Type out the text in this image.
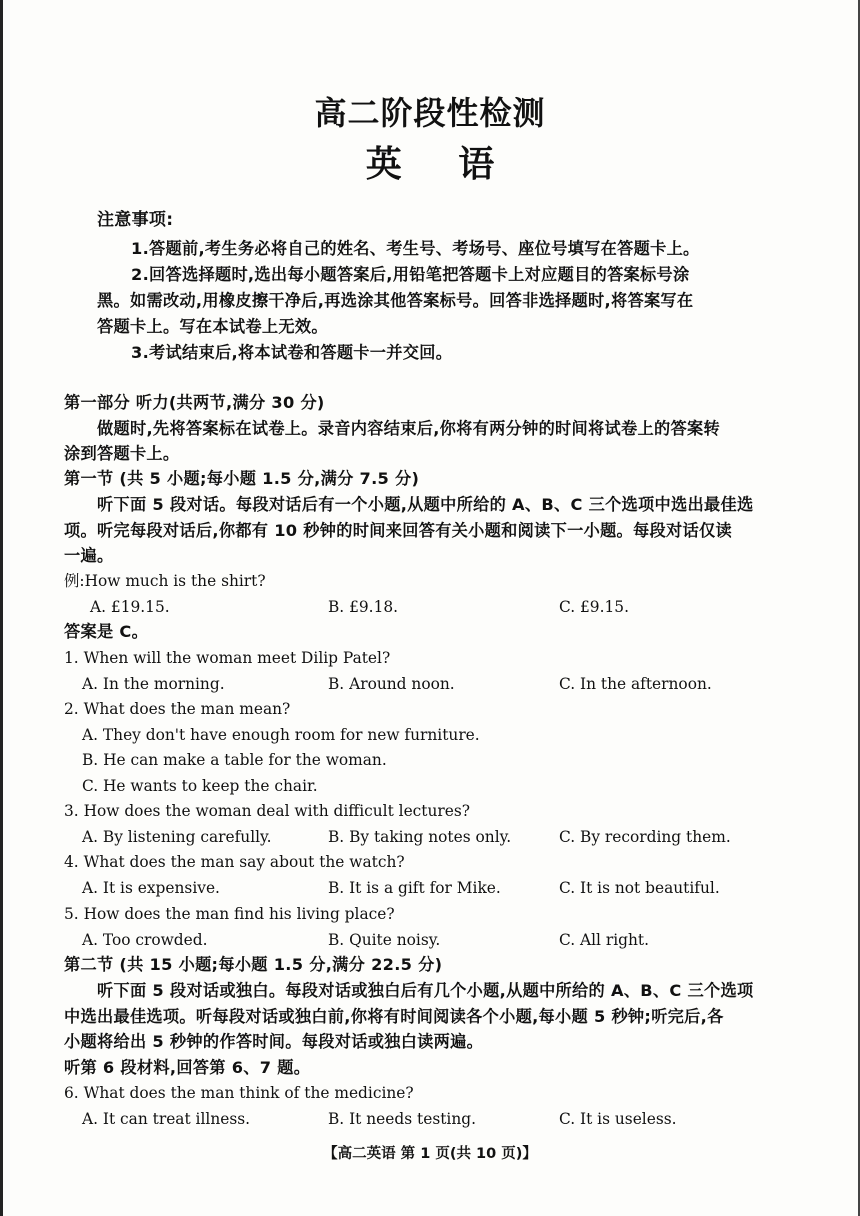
高二阶段性检测
英 语
注意事项:
1.答题前,考生务必将自己的姓名、考生号、考场号、座位号填写在答题卡上。
2.回答选择题时,选出每小题答案后,用铅笔把答题卡上对应题目的答案标号涂
黑。如需改动,用橡皮擦干净后,再选涂其他答案标号。回答非选择题时,将答案写在
答题卡上。写在本试卷上无效。
3.考试结束后,将本试卷和答题卡一并交回。
第一部分 听力(共两节,满分 30 分)
做题时,先将答案标在试卷上。录音内容结束后,你将有两分钟的时间将试卷上的答案转
涂到答题卡上。
第一节 (共 5 小题;每小题 1.5 分,满分 7.5 分)
听下面 5 段对话。每段对话后有一个小题,从题中所给的 A、B、C 三个选项中选出最佳选
项。听完每段对话后,你都有 10 秒钟的时间来回答有关小题和阅读下一小题。每段对话仅读
一遍。
例:How much is the shirt?
A. £19.15.	B. £9.18.	C. £9.15.
答案是 C。
1. When will the woman meet Dilip Patel?
A. In the morning.	B. Around noon.	C. In the afternoon.
2. What does the man mean?
A. They don't have enough room for new furniture.
B. He can make a table for the woman.
C. He wants to keep the chair.
3. How does the woman deal with difficult lectures?
A. By listening carefully.	B. By taking notes only.	C. By recording them.
4. What does the man say about the watch?
A. It is expensive.	B. It is a gift for Mike.	C. It is not beautiful.
5. How does the man find his living place?
A. Too crowded.	B. Quite noisy.	C. All right.
第二节 (共 15 小题;每小题 1.5 分,满分 22.5 分)
听下面 5 段对话或独白。每段对话或独白后有几个小题,从题中所给的 A、B、C 三个选项
中选出最佳选项。听每段对话或独白前,你将有时间阅读各个小题,每小题 5 秒钟;听完后,各
小题将给出 5 秒钟的作答时间。每段对话或独白读两遍。
听第 6 段材料,回答第 6、7 题。
6. What does the man think of the medicine?
A. It can treat illness.	B. It needs testing.	C. It is useless.
【高二英语 第 1 页(共 10 页)】
